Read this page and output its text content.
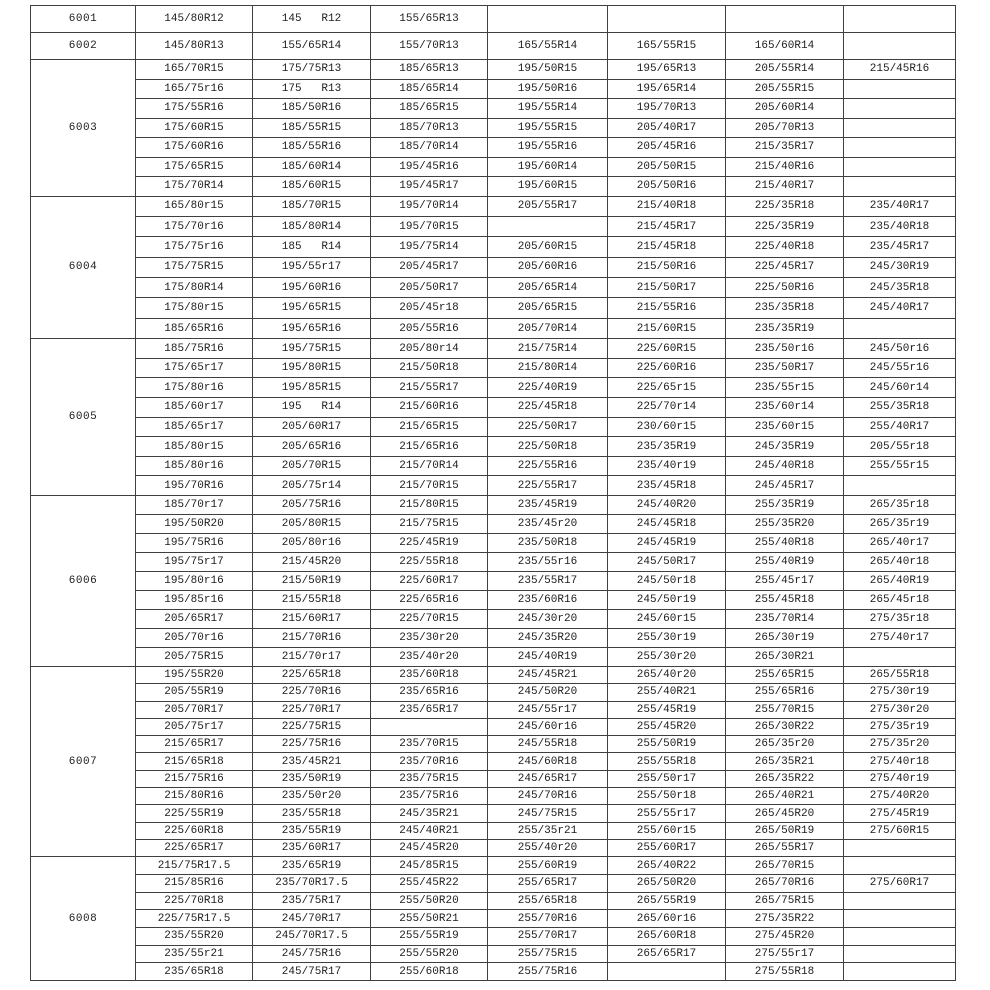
6001	145/80R12	145   R12	155/65R13				
6002	145/80R13	155/65R14	155/70R13	165/55R14	165/55R15	165/60R14	
6003	165/70R15	175/75R13	185/65R13	195/50R15	195/65R13	205/55R14	215/45R16
	165/75r16	175   R13	185/65R14	195/50R16	195/65R14	205/55R15	
	175/55R16	185/50R16	185/65R15	195/55R14	195/70R13	205/60R14	
	175/60R15	185/55R15	185/70R13	195/55R15	205/40R17	205/70R13	
	175/60R16	185/55R16	185/70R14	195/55R16	205/45R16	215/35R17	
	175/65R15	185/60R14	195/45R16	195/60R14	205/50R15	215/40R16	
	175/70R14	185/60R15	195/45R17	195/60R15	205/50R16	215/40R17	
6004	165/80r15	185/70R15	195/70R14	205/55R17	215/40R18	225/35R18	235/40R17
	175/70r16	185/80R14	195/70R15		215/45R17	225/35R19	235/40R18
	175/75r16	185   R14	195/75R14	205/60R15	215/45R18	225/40R18	235/45R17
	175/75R15	195/55r17	205/45R17	205/60R16	215/50R16	225/45R17	245/30R19
	175/80R14	195/60R16	205/50R17	205/65R14	215/50R17	225/50R16	245/35R18
	175/80r15	195/65R15	205/45r18	205/65R15	215/55R16	235/35R18	245/40R17
	185/65R16	195/65R16	205/55R16	205/70R14	215/60R15	235/35R19	
6005	185/75R16	195/75R15	205/80r14	215/75R14	225/60R15	235/50r16	245/50r16
	175/65r17	195/80R15	215/50R18	215/80R14	225/60R16	235/50R17	245/55r16
	175/80r16	195/85R15	215/55R17	225/40R19	225/65r15	235/55r15	245/60r14
	185/60r17	195   R14	215/60R16	225/45R18	225/70r14	235/60r14	255/35R18
	185/65r17	205/60R17	215/65R15	225/50R17	230/60r15	235/60r15	255/40R17
	185/80r15	205/65R16	215/65R16	225/50R18	235/35R19	245/35R19	205/55r18
	185/80r16	205/70R15	215/70R14	225/55R16	235/40r19	245/40R18	255/55r15
	195/70R16	205/75r14	215/70R15	225/55R17	235/45R18	245/45R17	
6006	185/70r17	205/75R16	215/80R15	235/45R19	245/40R20	255/35R19	265/35r18
	195/50R20	205/80R15	215/75R15	235/45r20	245/45R18	255/35R20	265/35r19
	195/75R16	205/80r16	225/45R19	235/50R18	245/45R19	255/40R18	265/40r17
	195/75r17	215/45R20	225/55R18	235/55r16	245/50R17	255/40R19	265/40r18
	195/80r16	215/50R19	225/60R17	235/55R17	245/50r18	255/45r17	265/40R19
	195/85r16	215/55R18	225/65R16	235/60R16	245/50r19	255/45R18	265/45r18
	205/65R17	215/60R17	225/70R15	245/30r20	245/60r15	235/70R14	275/35r18
	205/70r16	215/70R16	235/30r20	245/35R20	255/30r19	265/30r19	275/40r17
	205/75R15	215/70r17	235/40r20	245/40R19	255/30r20	265/30R21	
6007	195/55R20	225/65R18	235/60R18	245/45R21	265/40r20	255/65R15	265/55R18
	205/55R19	225/70R16	235/65R16	245/50R20	255/40R21	255/65R16	275/30r19
	205/70R17	225/70R17	235/65R17	245/55r17	255/45R19	255/70R15	275/30r20
	205/75r17	225/75R15		245/60r16	255/45R20	265/30R22	275/35r19
	215/65R17	225/75R16	235/70R15	245/55R18	255/50R19	265/35r20	275/35r20
	215/65R18	235/45R21	235/70R16	245/60R18	255/55R18	265/35R21	275/40r18
	215/75R16	235/50R19	235/75R15	245/65R17	255/50r17	265/35R22	275/40r19
	215/80R16	235/50r20	235/75R16	245/70R16	255/50r18	265/40R21	275/40R20
	225/55R19	235/55R18	245/35R21	245/75R15	255/55r17	265/45R20	275/45R19
	225/60R18	235/55R19	245/40R21	255/35r21	255/60r15	265/50R19	275/60R15
	225/65R17	235/60R17	245/45R20	255/40r20	255/60R17	265/55R17	
6008	215/75R17.5	235/65R19	245/85R15	255/60R19	265/40R22	265/70R15	
	215/85R16	235/70R17.5	255/45R22	255/65R17	265/50R20	265/70R16	275/60R17
	225/70R18	235/75R17	255/50R20	255/65R18	265/55R19	265/75R15	
	225/75R17.5	245/70R17	255/50R21	255/70R16	265/60r16	275/35R22	
	235/55R20	245/70R17.5	255/55R19	255/70R17	265/60R18	275/45R20	
	235/55r21	245/75R16	255/55R20	255/75R15	265/65R17	275/55r17	
	235/65R18	245/75R17	255/60R18	255/75R16		275/55R18	
